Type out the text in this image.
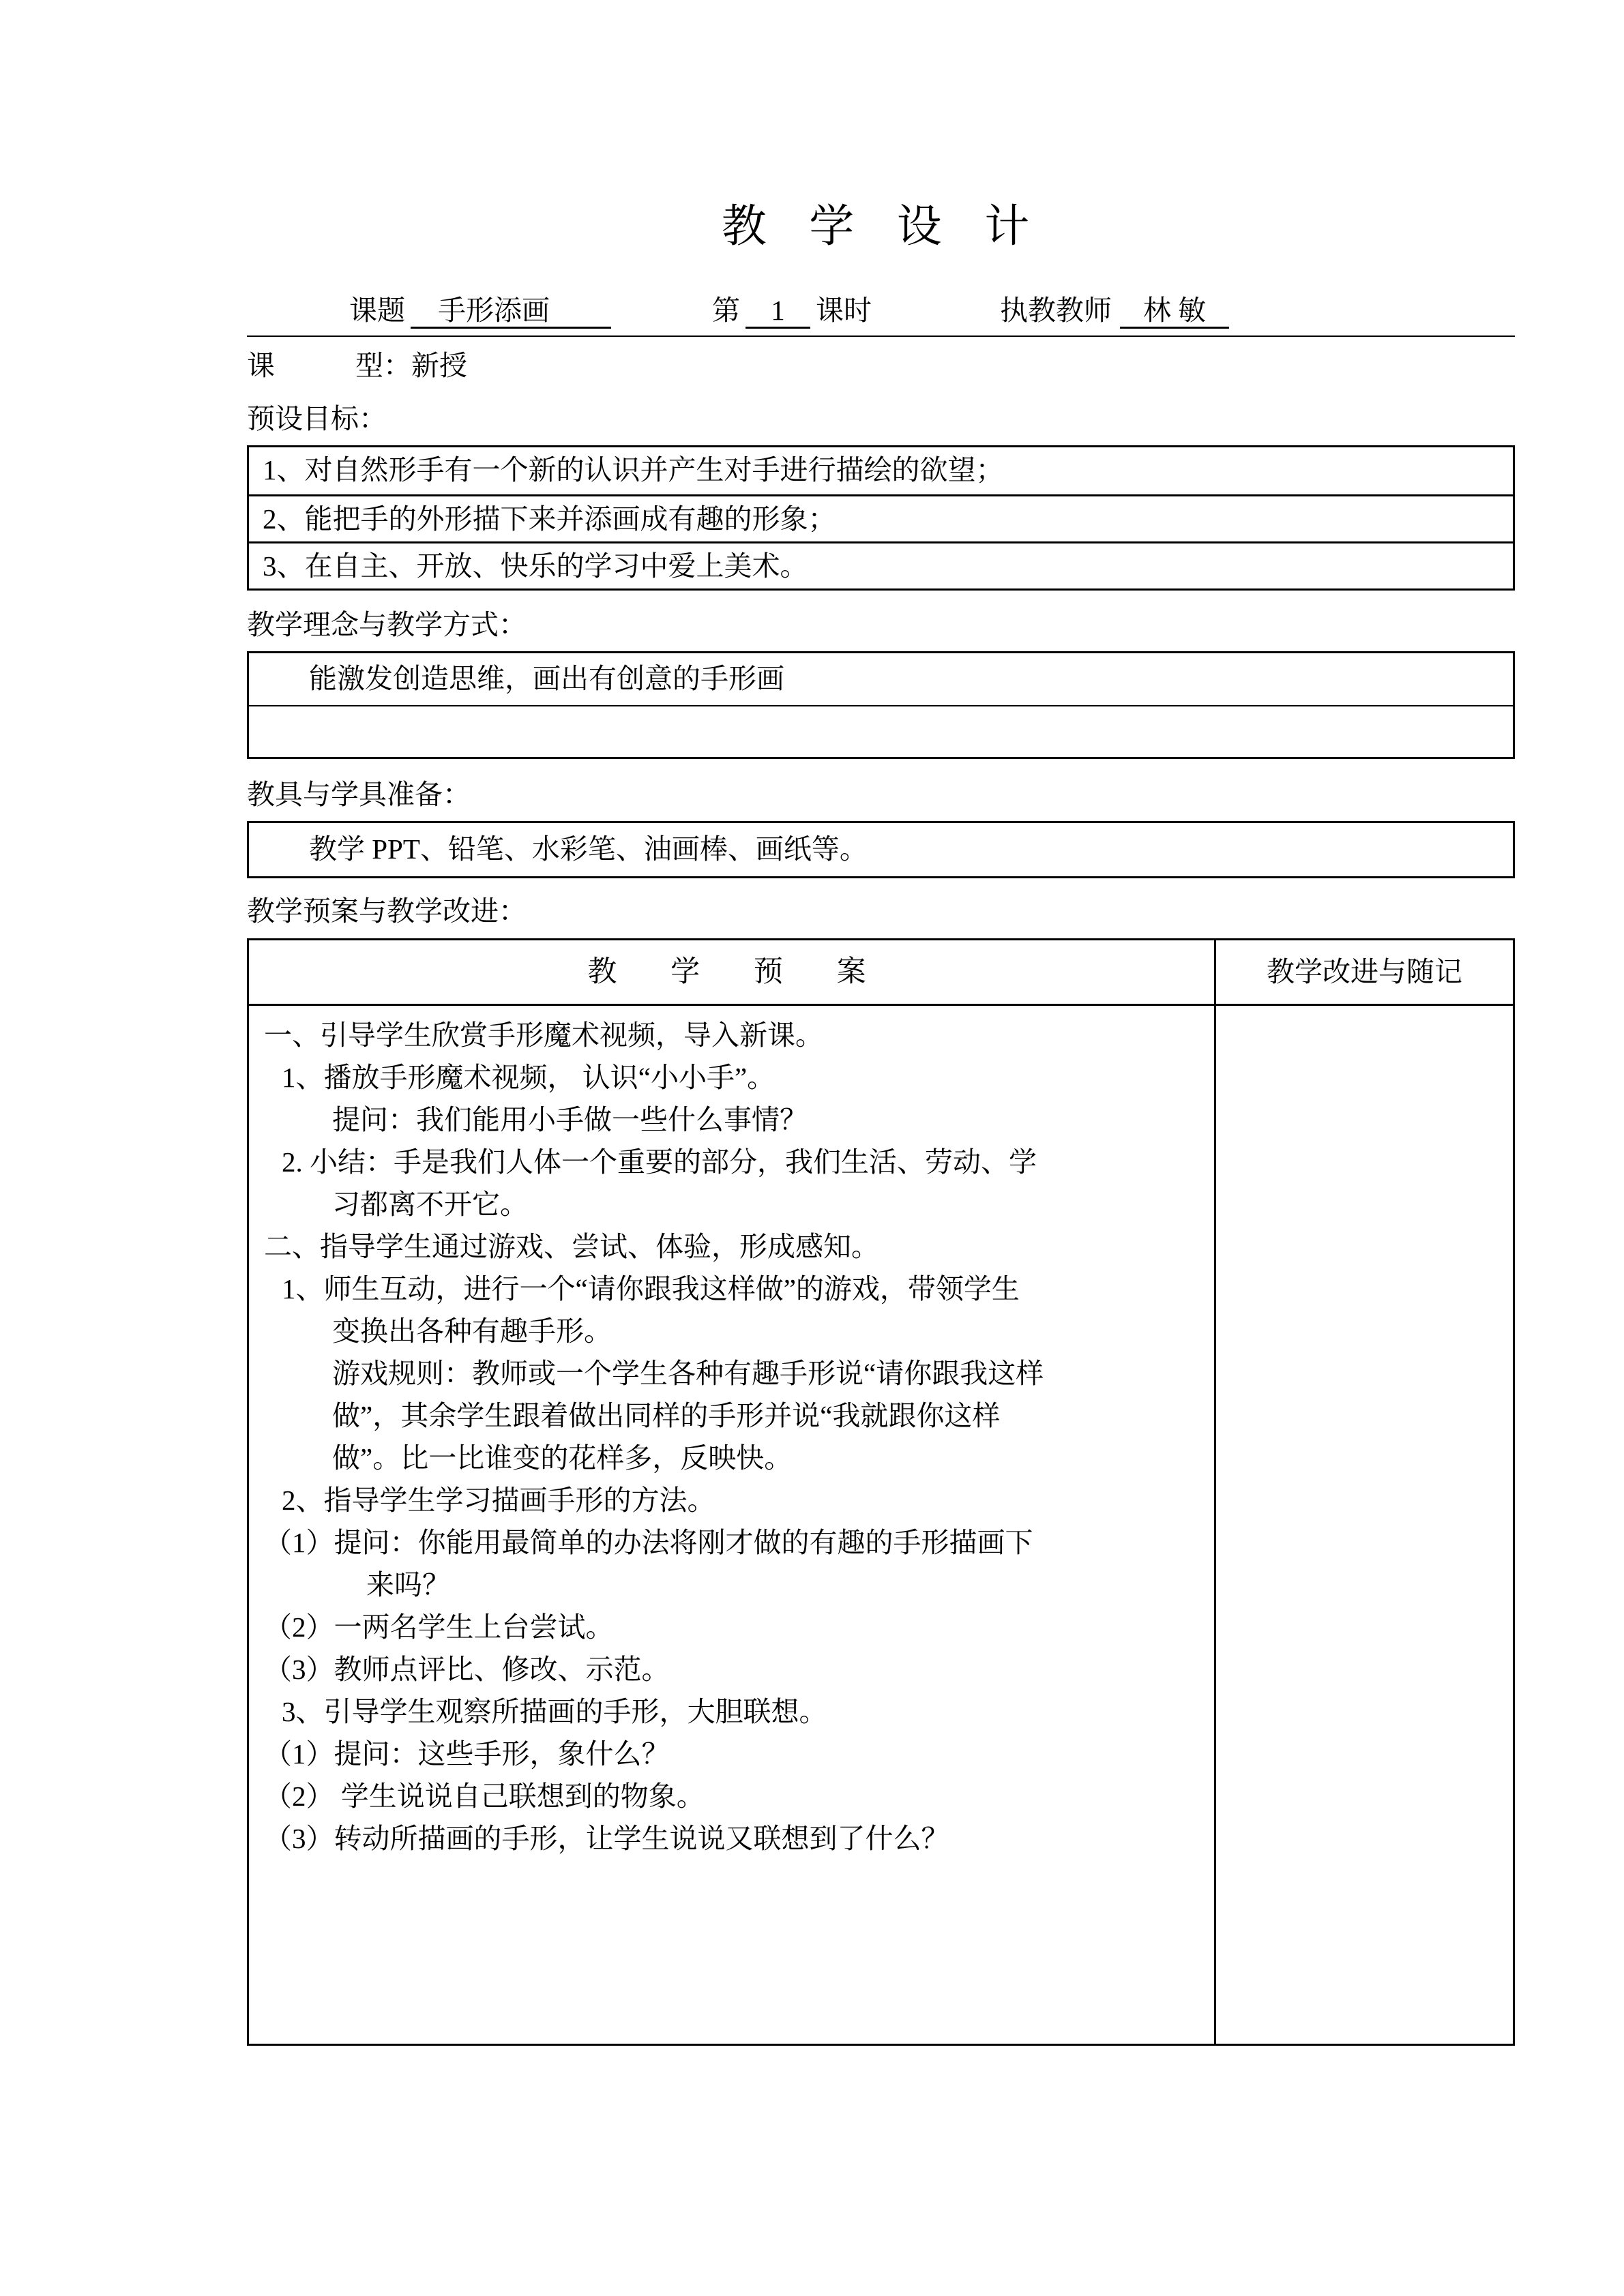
教 学 设 计
课题 手形添画	第 1 课时	执教教师 林 敏
课	型：新授
预设目标：
1、对自然形手有一个新的认识并产生对手进行描绘的欲望；
2、能把手的外形描下来并添画成有趣的形象；
3、在自主、开放、快乐的学习中爱上美术。
教学理念与教学方式：
能激发创造思维，画出有创意的手形画
教具与学具准备：
教学 PPT、铅笔、水彩笔、油画棒、画纸等。
教学预案与教学改进：
教 学 预 案	教学改进与随记
一、引导学生欣赏手形魔术视频，导入新课。
1、播放手形魔术视频， 认识“小小手”。
提问：我们能用小手做一些什么事情？
2. 小结：手是我们人体一个重要的部分，我们生活、劳动、学
习都离不开它。
二、指导学生通过游戏、尝试、体验，形成感知。
1、师生互动，进行一个“请你跟我这样做”的游戏，带领学生
变换出各种有趣手形。
游戏规则：教师或一个学生各种有趣手形说“请你跟我这样
做”，其余学生跟着做出同样的手形并说“我就跟你这样
做”。比一比谁变的花样多，反映快。
2、指导学生学习描画手形的方法。
（1）提问：你能用最简单的办法将刚才做的有趣的手形描画下
来吗？
（2）一两名学生上台尝试。
（3）教师点评比、修改、示范。
3、引导学生观察所描画的手形，大胆联想。
（1）提问：这些手形，象什么？
（2） 学生说说自己联想到的物象。
（3）转动所描画的手形，让学生说说又联想到了什么？
